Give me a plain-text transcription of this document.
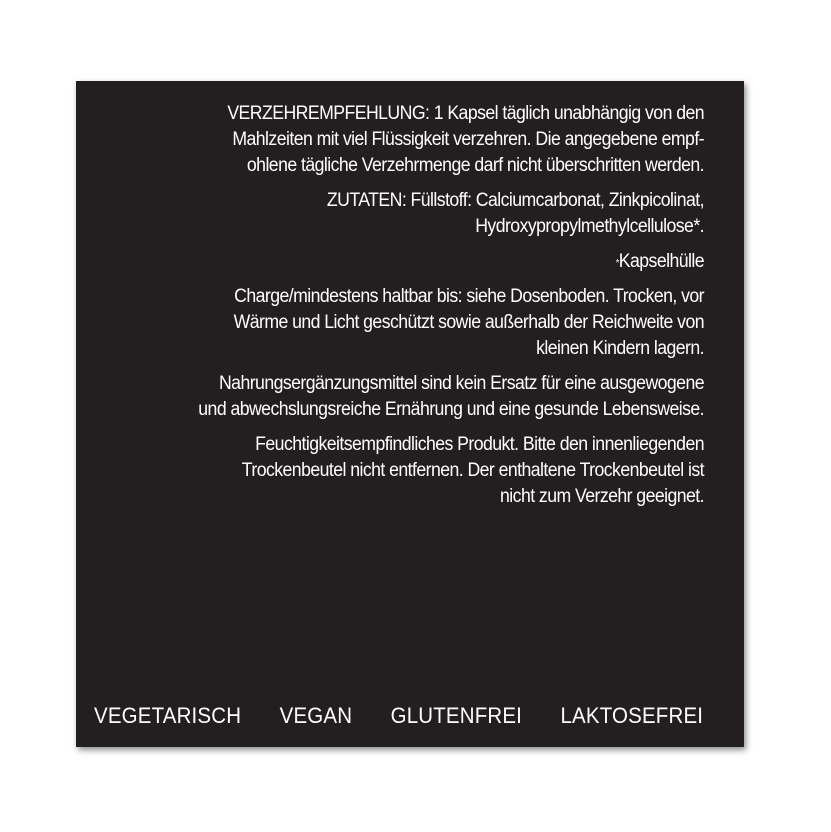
VERZEHREMPFEHLUNG: 1 Kapsel täglich unabhängig von den
Mahlzeiten mit viel Flüssigkeit verzehren. Die angegebene empf-
ohlene tägliche Verzehrmenge darf nicht überschritten werden.

ZUTATEN: Füllstoff: Calciumcarbonat, Zinkpicolinat,
Hydroxypropylmethylcellulose*.

*Kapselhülle

Charge/mindestens haltbar bis: siehe Dosenboden. Trocken, vor
Wärme und Licht geschützt sowie außerhalb der Reichweite von
kleinen Kindern lagern.

Nahrungsergänzungsmittel sind kein Ersatz für eine ausgewogene
und abwechslungsreiche Ernährung und eine gesunde Lebensweise.

Feuchtigkeitsempfindliches Produkt. Bitte den innenliegenden
Trockenbeutel nicht entfernen. Der enthaltene Trockenbeutel ist
nicht zum Verzehr geeignet.

VEGETARISCH VEGAN GLUTENFREI LAKTOSEFREI
